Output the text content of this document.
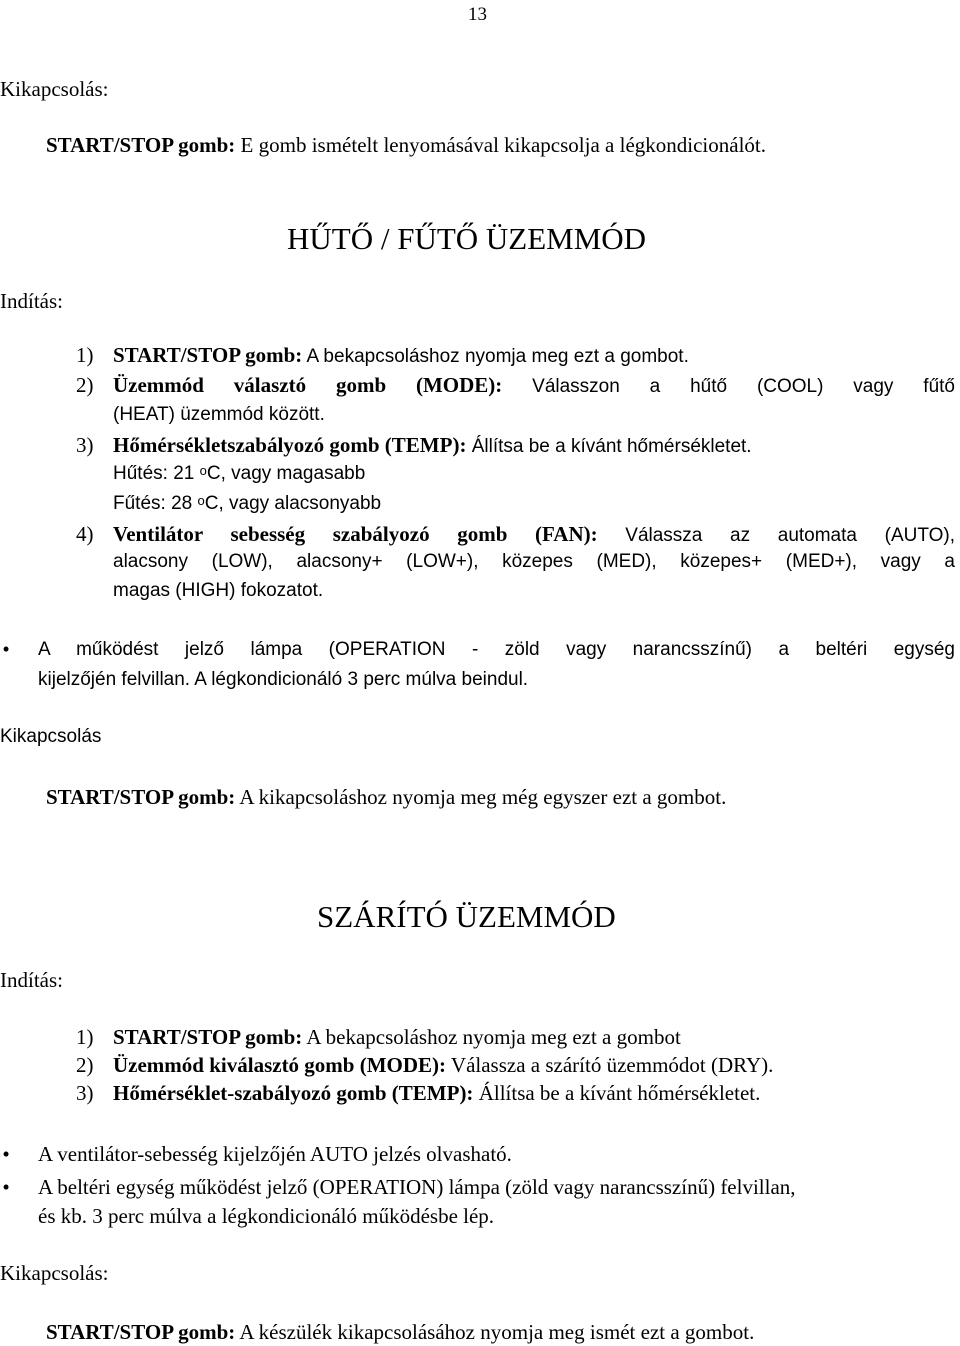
13
Kikapcsolás:
START/STOP gomb: E gomb ismételt lenyomásával kikapcsolja a légkondicionálót.
HŰTŐ / FŰTŐ ÜZEMMÓD
Indítás:
1) START/STOP gomb: A bekapcsoláshoz nyomja meg ezt a gombot.
2) Üzemmód választó gomb (MODE): Válasszon a hűtő (COOL) vagy fűtő
(HEAT) üzemmód között.
3) Hőmérsékletszabályozó gomb (TEMP): Állítsa be a kívánt hőmérsékletet.
Hűtés: 21 $^o$C, vagy magasabb
Fűtés: 28 $^o$C, vagy alacsonyabb
4) Ventilátor sebesség szabályozó gomb (FAN): Válassza az automata (AUTO),
alacsony (LOW), alacsony+ (LOW+), közepes (MED), közepes+ (MED+), vagy a
magas (HIGH) fokozatot.
• A működést jelző lámpa (OPERATION - zöld vagy narancsszínű) a beltéri egység
kijelzőjén felvillan. A légkondicionáló 3 perc múlva beindul.
Kikapcsolás
START/STOP gomb: A kikapcsoláshoz nyomja meg még egyszer ezt a gombot.
SZÁRÍTÓ ÜZEMMÓD
Indítás:
1) START/STOP gomb: A bekapcsoláshoz nyomja meg ezt a gombot
2) Üzemmód kiválasztó gomb (MODE): Válassza a szárító üzemmódot (DRY).
3) Hőmérséklet-szabályozó gomb (TEMP): Állítsa be a kívánt hőmérsékletet.
• A ventilátor-sebesség kijelzőjén AUTO jelzés olvasható.
• A beltéri egység működést jelző (OPERATION) lámpa (zöld vagy narancsszínű) felvillan,
és kb. 3 perc múlva a légkondicionáló működésbe lép.
Kikapcsolás:
START/STOP gomb: A készülék kikapcsolásához nyomja meg ismét ezt a gombot.
